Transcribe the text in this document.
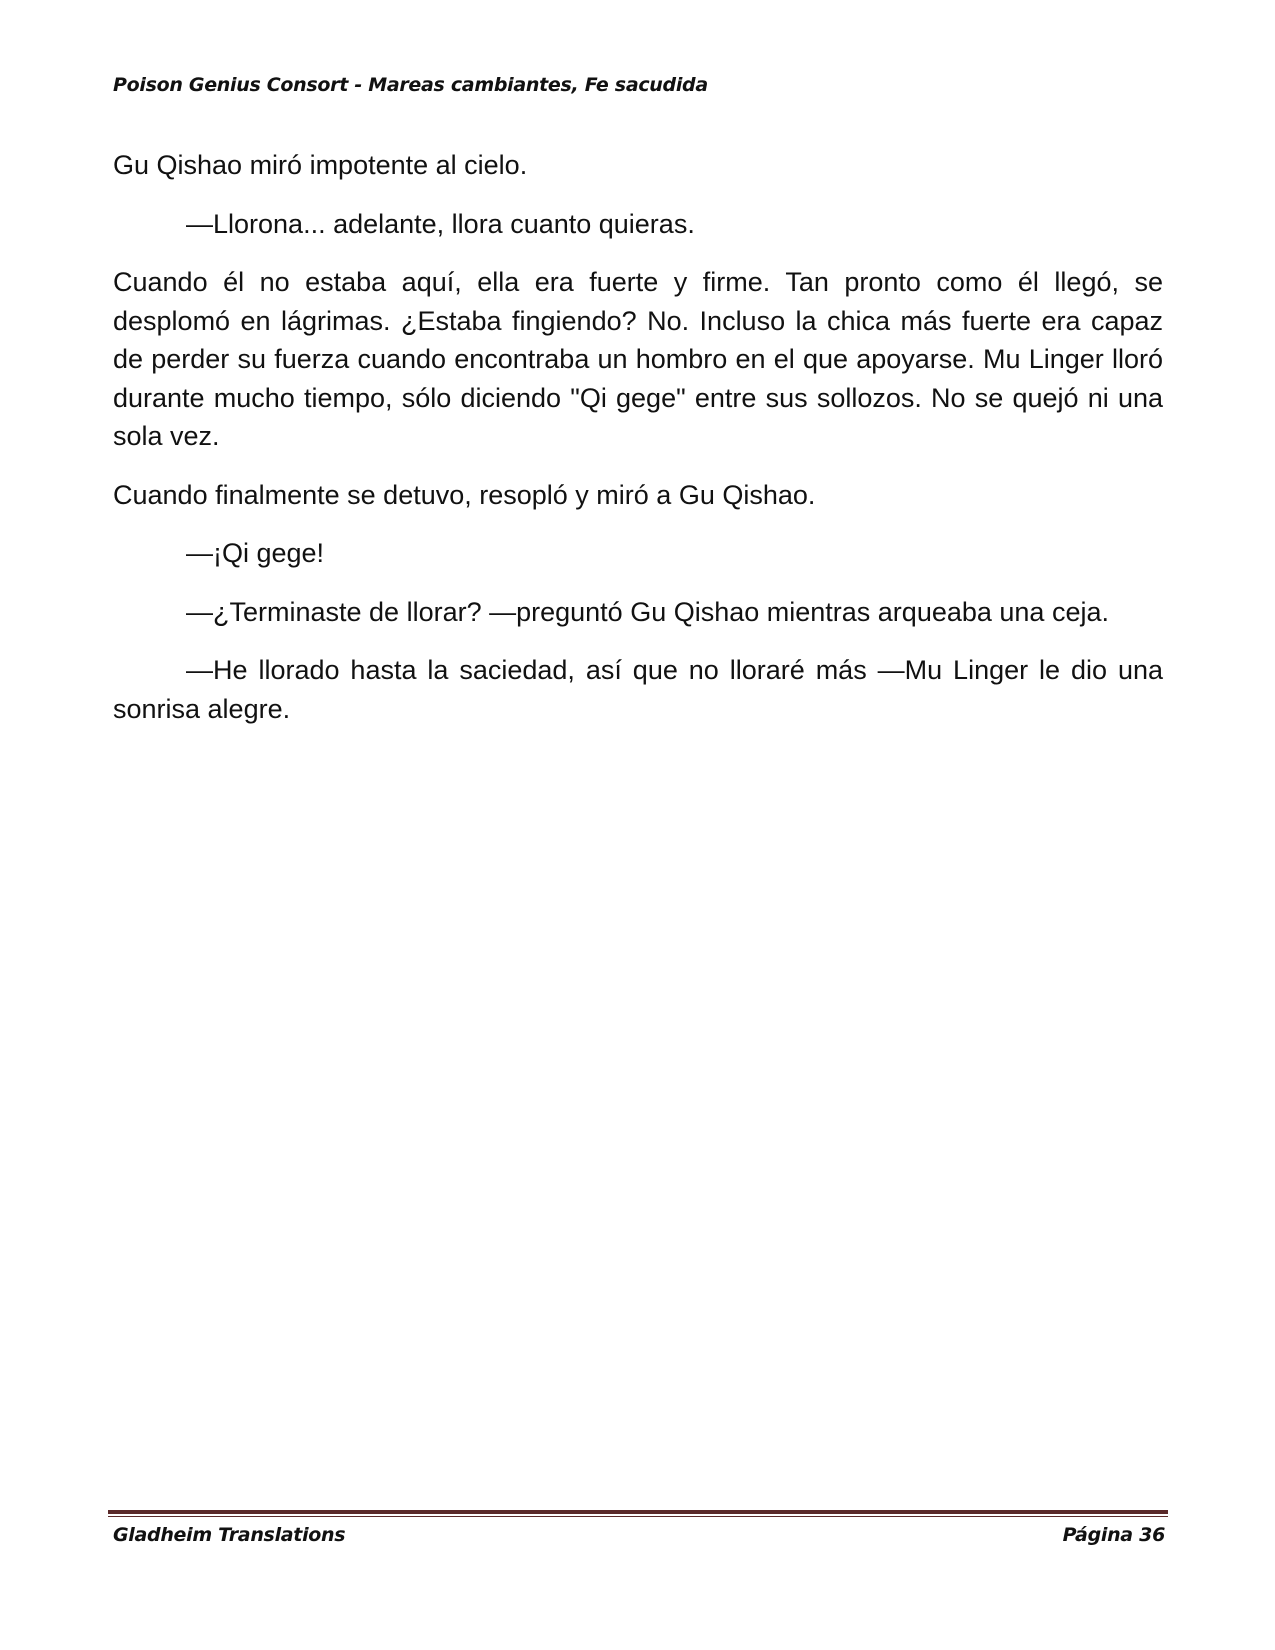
Poison Genius Consort - Mareas cambiantes, Fe sacudida

Gu Qishao miró impotente al cielo.

—Llorona... adelante, llora cuanto quieras.

Cuando él no estaba aquí, ella era fuerte y firme. Tan pronto como él llegó, se desplomó en lágrimas. ¿Estaba fingiendo? No. Incluso la chica más fuerte era capaz de perder su fuerza cuando encontraba un hombro en el que apoyarse. Mu Linger lloró durante mucho tiempo, sólo diciendo "Qi gege" entre sus sollozos. No se quejó ni una sola vez.

Cuando finalmente se detuvo, resopló y miró a Gu Qishao.

—¡Qi gege!

—¿Terminaste de llorar? —preguntó Gu Qishao mientras arqueaba una ceja.

—He llorado hasta la saciedad, así que no lloraré más —Mu Linger le dio una sonrisa alegre.

Gladheim Translations	Página 36
